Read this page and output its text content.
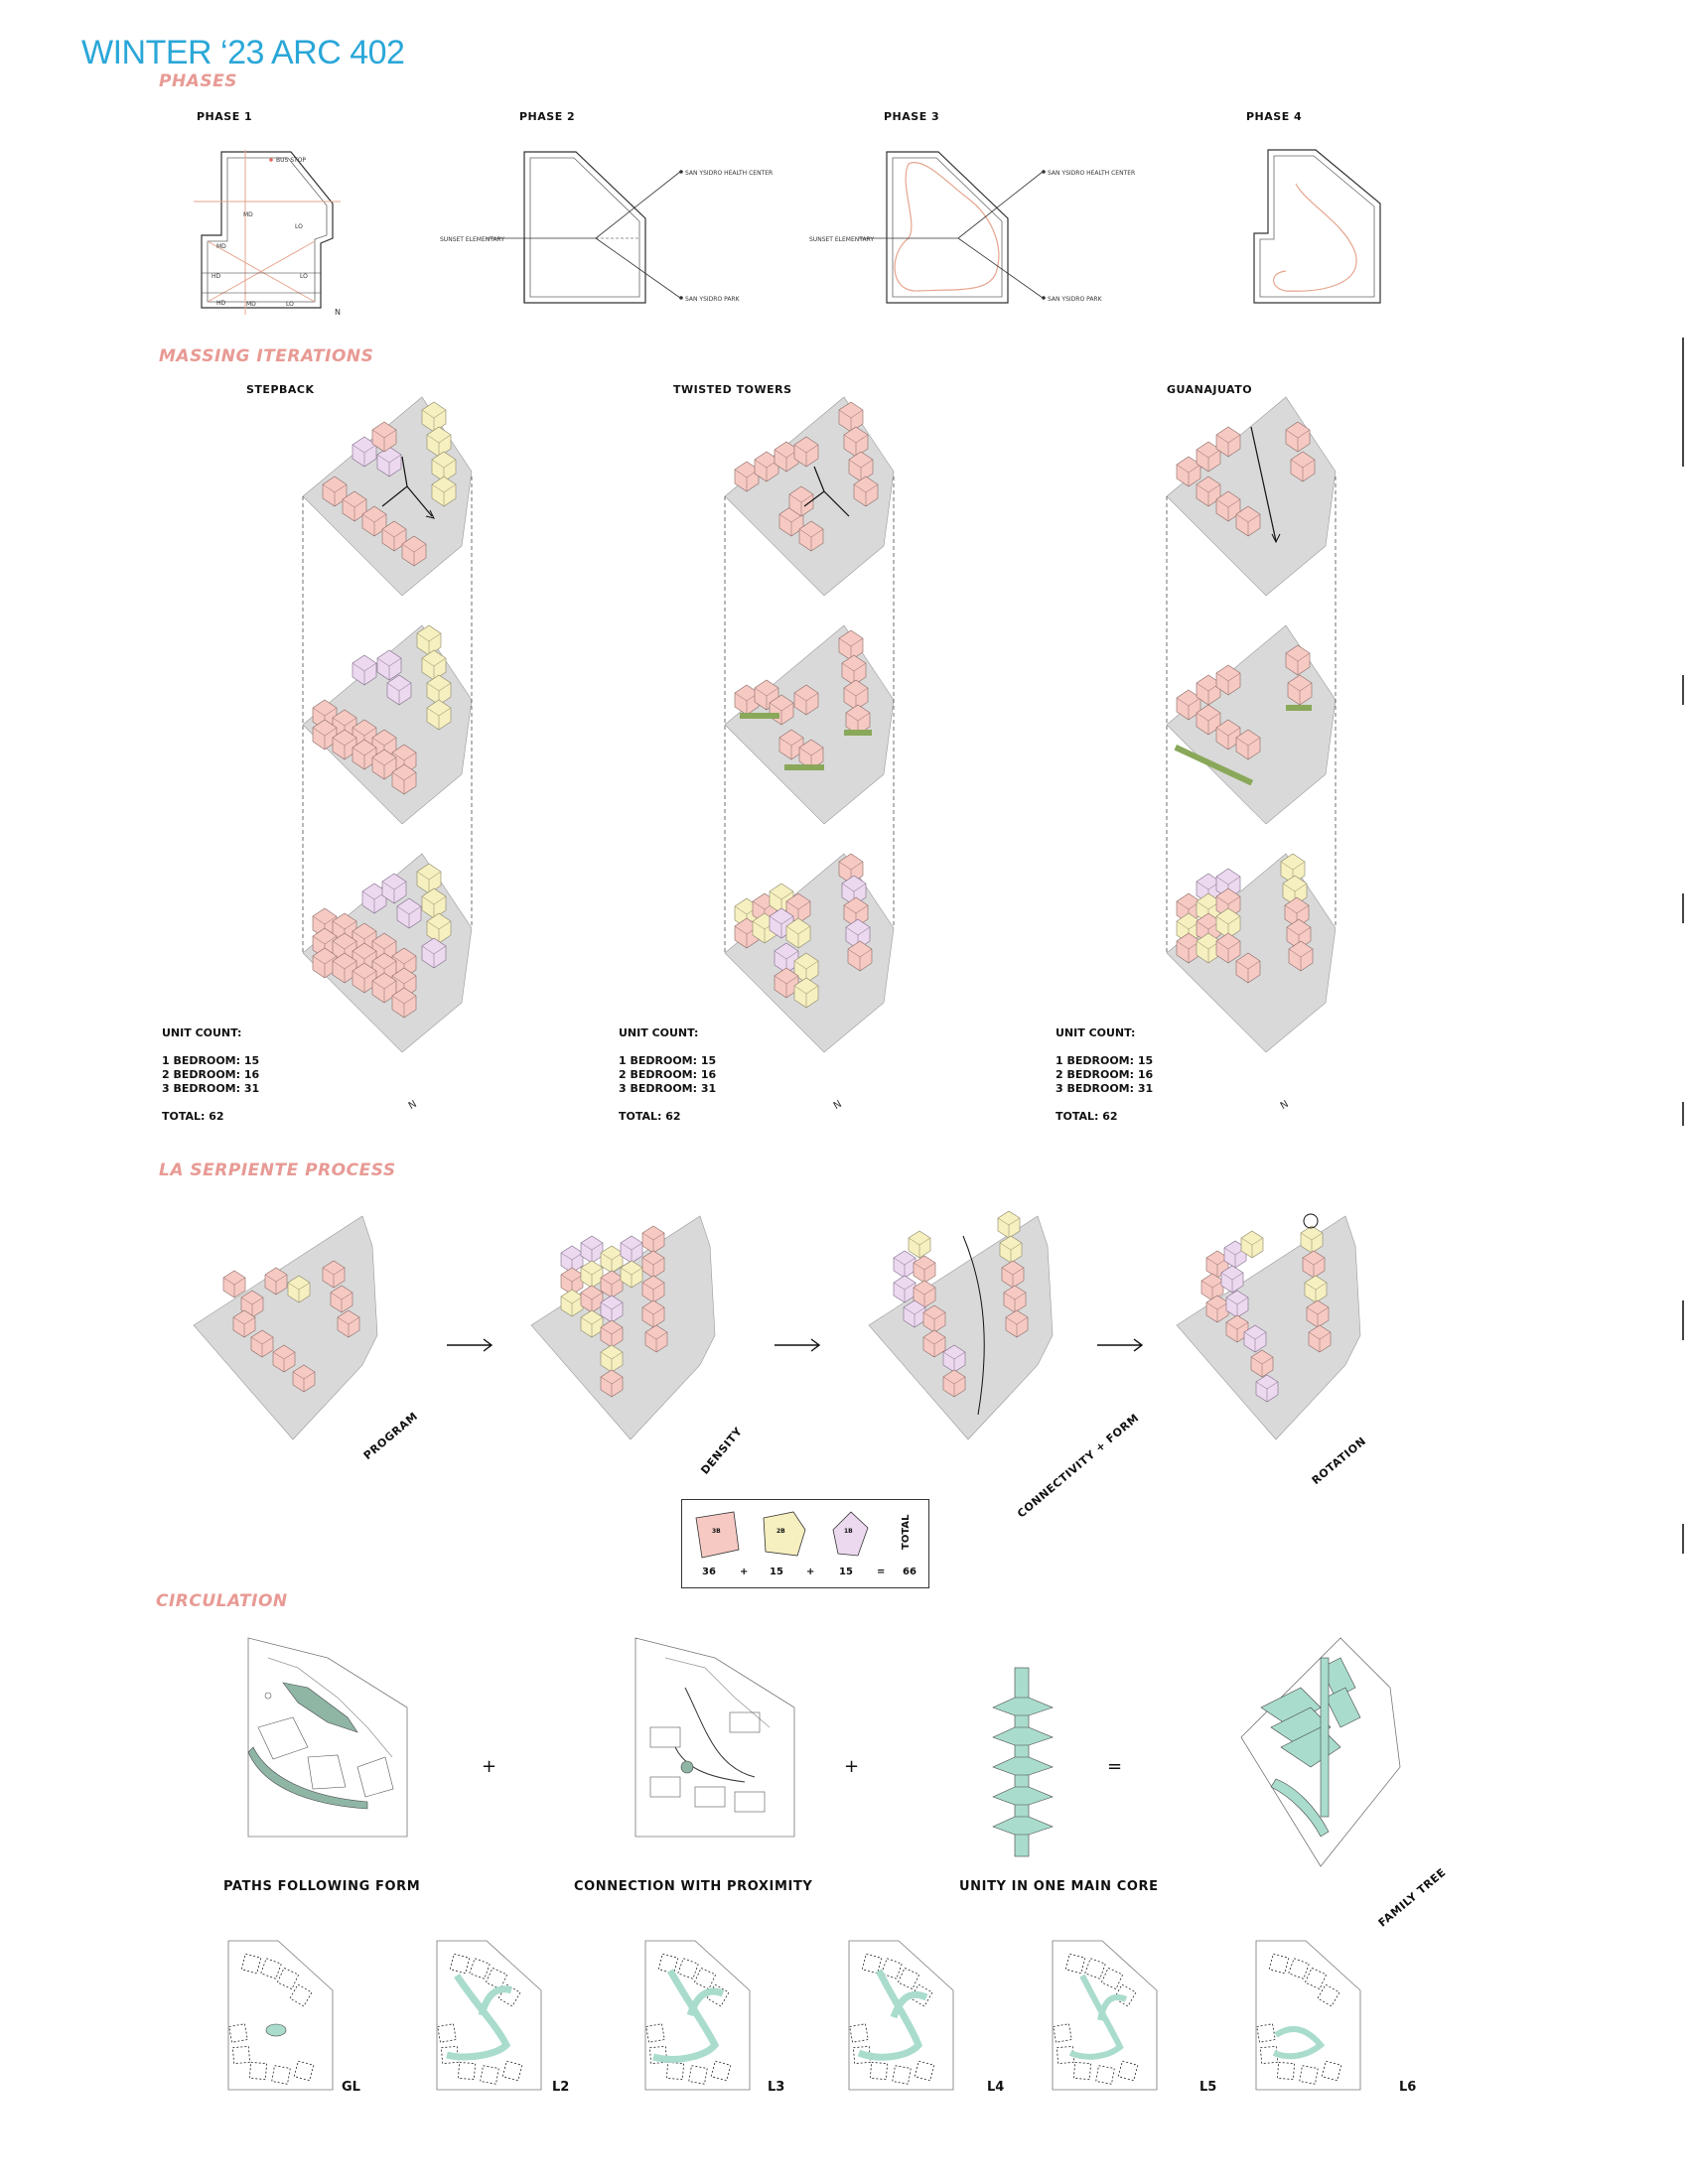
WINTER ‘23 ARC 402
PHASES
PHASE 1	PHASE 2	PHASE 3	PHASE 4
BUS STOP
MD
LO
MD
HD	LO
HD	MD	LO
N
SAN YSIDRO HEALTH CENTER
SUNSET ELEMENTARY
SAN YSIDRO PARK
SAN YSIDRO HEALTH CENTER
SUNSET ELEMENTARY
SAN YSIDRO PARK
MASSING ITERATIONS
STEPBACK	TWISTED TOWERS	GUANAJUATO
UNIT COUNT:
1 BEDROOM: 15
2 BEDROOM: 16
3 BEDROOM: 31
TOTAL: 62
UNIT COUNT:
1 BEDROOM: 15
2 BEDROOM: 16
3 BEDROOM: 31
TOTAL: 62
UNIT COUNT:
1 BEDROOM: 15
2 BEDROOM: 16
3 BEDROOM: 31
TOTAL: 62
N	N	N
LA SERPIENTE PROCESS
PROGRAM	DENSITY	CONNECTIVITY + FORM	ROTATION
3B	2B	1B
36 + 15 + 15 = 66
TOTAL
CIRCULATION
+	+	=
PATHS FOLLOWING FORM	CONNECTION WITH PROXIMITY	UNITY IN ONE MAIN CORE	FAMILY TREE
GL	L2	L3	L4	L5	L6
